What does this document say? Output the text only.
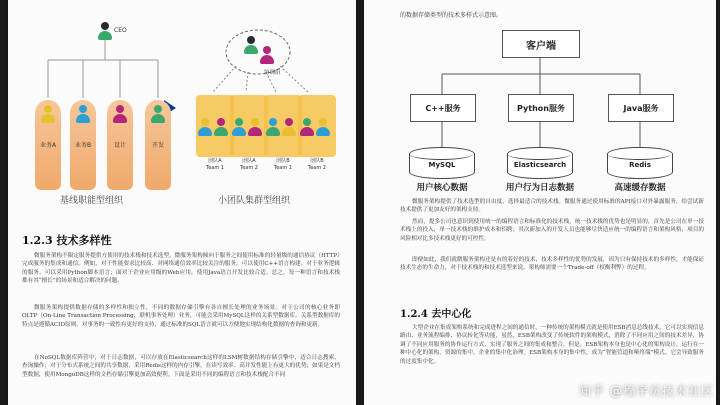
CEO
业务A	业务B	设计	开发
基线职能型组织
协调组
团队A
Team 1
团队A
Team 2
团队B
Team 1
团队B
Team 2
小团队集群型组织
1.2.3 技术多样性
微服务架构不限定服务提供方使用的技术栈和技术选型，微服务架构倾向于服务之间使用标准的轻量级的通信协议（HTTP）完成服务的集成和通信。例如，对于性能要求比较高、对网络通信效率比较关注的服务，可以使用C++语言构建；对于业务逻辑的服务，可以采用Python脚本语言；面对于企业应用级的Web应用，使用Java语言开发比较合适。总之，每一种语言和技术栈都有其“擅长”的场景和适合解决的问题。
微服务架构提供数据存储的多样性和独立性，不同的数据存储引擎有各自擅长处理的业务场景。对于公司的核心业务即OLTP（On-Line Transaction Processing，联机事务处理）业务，可能会采用MySQL这样的关系型数据库。关系型数据库的特点是遵循ACID原则，对事务的一致性有更好的支持，通过标准的SQL语言就可以方便地实现结构化数据的查询和更新。
在NoSQL数据库阵营中，对于日志数据，可以存放在Elasticsearch这样的LSM树数据结构存储引擎中，适合日志搜索、查询操作；对于分布式系统之间的共享数据，采用Redis这样的内存引擎，在读写效率、高并发性能上有更大的优势；如果是文档型数据，使用MongoDB这样的文档存储引擎更加高效便利。下面是采用不同的编程语言和技术栈配合不同
的数据存储类型的技术多样式示意图。
客户端
C++服务	Python服务	Java服务
MySQL	Elasticsearch	Redis
用户核心数据	用户行为日志数据	高速缓存数据
微服务架构提供了技术选型的自由度，选择最适合的技术栈。微服务通过使用标准的API接口对外暴露服务，给尝试新技术提供了更加友好的架构支持。
然而，提多公司也意识到使用统一的编程语言和标准化的技术栈，统一技术栈的优势也是明显的，首先是公司在单一技术栈上的投入，单一技术栈的维护成本和招聘；其次新加入的开发人员也能够尽快适应统一的编程语言和架构风格，项目的风险相对比多技术栈更好的可控性。
即便如此，我们就微服务架构还是有的着好的技术，技术多样性的优势的发展，因为只有保持技术的多样性，才能保证技术生态的生命力，对于技术栈的和技术选型来说，架构师需要一个Trade-off（权衡利弊）的过程。
1.2.4 去中心化
大型企业在集成架构系统和完成进程之间的通信时，一种传统的架构模式就是使用ESB消息总线技术。它可以实现信息路由、业务流程编排、协议转化等功能，虽然，ESB架构改变了传统软件的架构模式，消除了不同应用之间的技术差异，协调了不同应用服务的协作运行方式，实现了服务之间的集成和整合。但是，ESB架构本身也是中心化的架构设计，运行在一种中心化的架构，资源的集中，企业的集中化治理。ESB架构本身的集中性，成为“智能管道和哑终端”模式。它会导致服务的过度集中化。
知乎 @程序员技术社区
